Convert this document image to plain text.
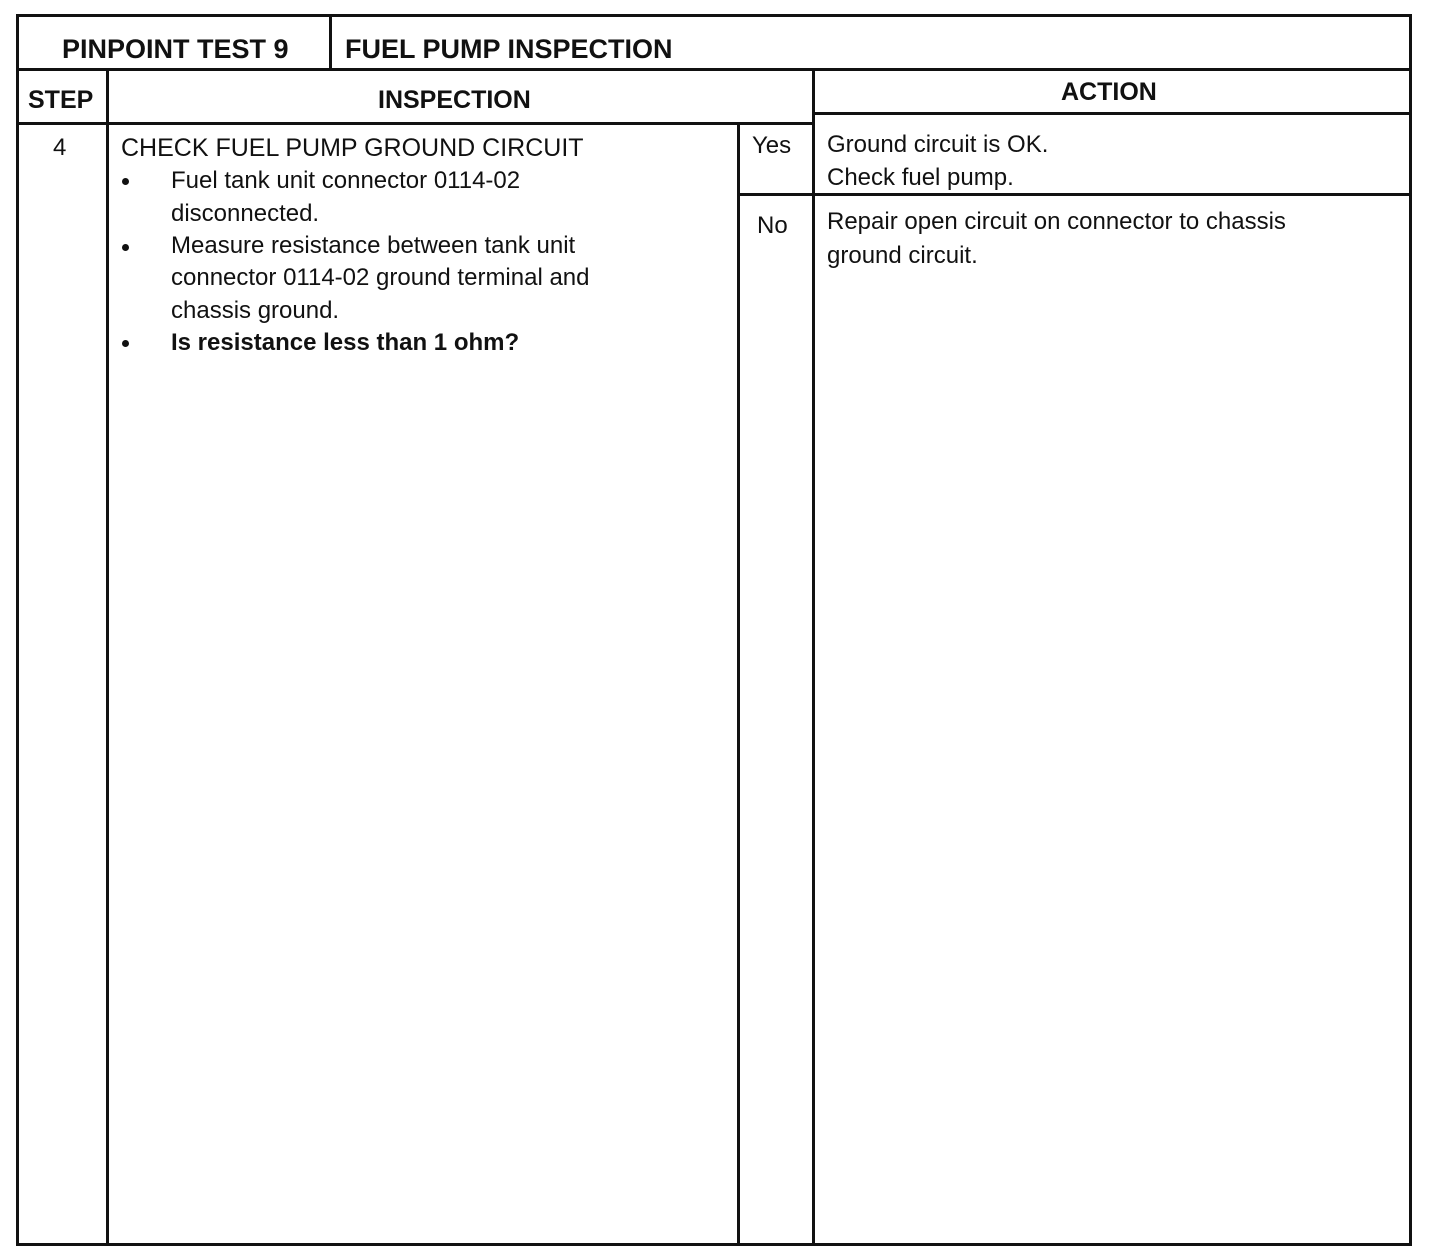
PINPOINT TEST 9 FUEL PUMP INSPECTION
STEP	INSPECTION	ACTION
4 CHECK FUEL PUMP GROUND CIRCUIT
Fuel tank unit connector 0114-02
disconnected.
Measure resistance between tank unit
connector 0114-02 ground terminal and
chassis ground.
Is resistance less than 1 ohm?
Yes Ground circuit is OK.
Check fuel pump.
No Repair open circuit on connector to chassis
ground circuit.
